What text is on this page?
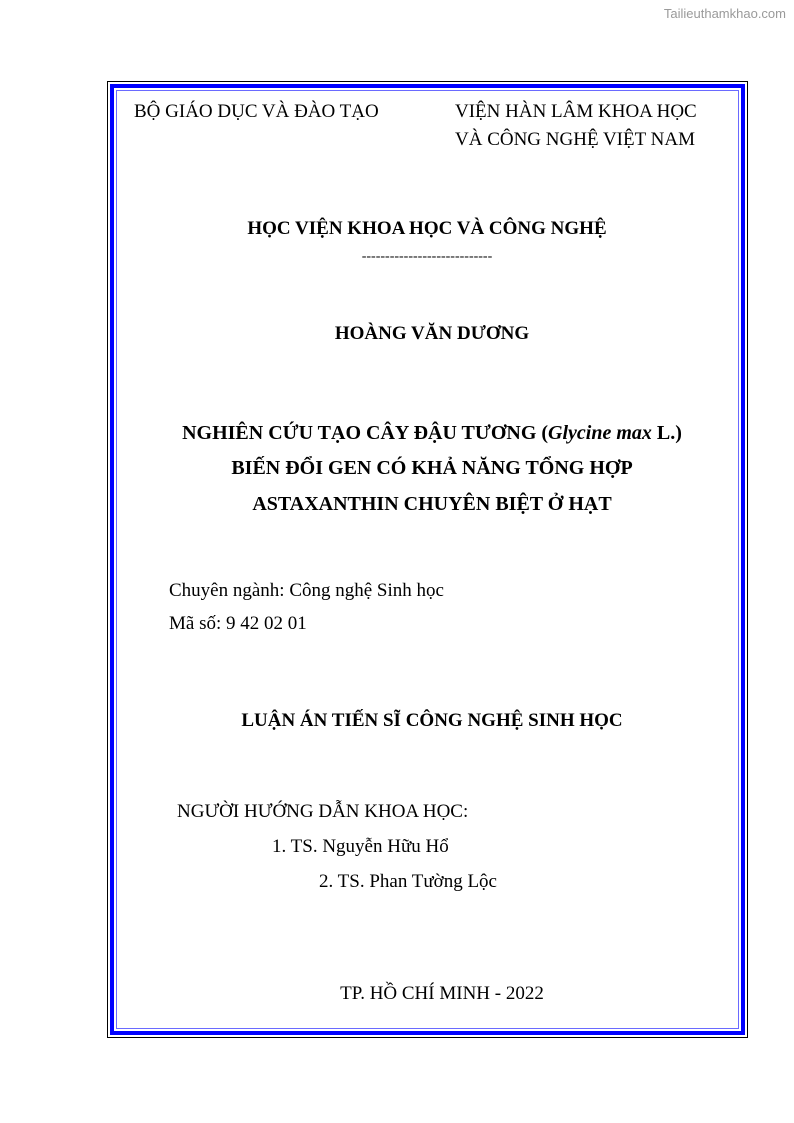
Tailieuthamkhao.com
BỘ GIÁO DỤC VÀ ĐÀO TẠO	VIỆN HÀN LÂM KHOA HỌC
VÀ CÔNG NGHỆ VIỆT NAM
HỌC VIỆN KHOA HỌC VÀ CÔNG NGHỆ
----------------------------
HOÀNG VĂN DƯƠNG
NGHIÊN CỨU TẠO CÂY ĐẬU TƯƠNG (Glycine max L.)
BIẾN ĐỔI GEN CÓ KHẢ NĂNG TỔNG HỢP
ASTAXANTHIN CHUYÊN BIỆT Ở HẠT
Chuyên ngành: Công nghệ Sinh học
Mã số: 9 42 02 01
LUẬN ÁN TIẾN SĨ CÔNG NGHỆ SINH HỌC
NGƯỜI HƯỚNG DẪN KHOA HỌC:
1. TS. Nguyễn Hữu Hổ
2. TS. Phan Tường Lộc
TP. HỒ CHÍ MINH - 2022
